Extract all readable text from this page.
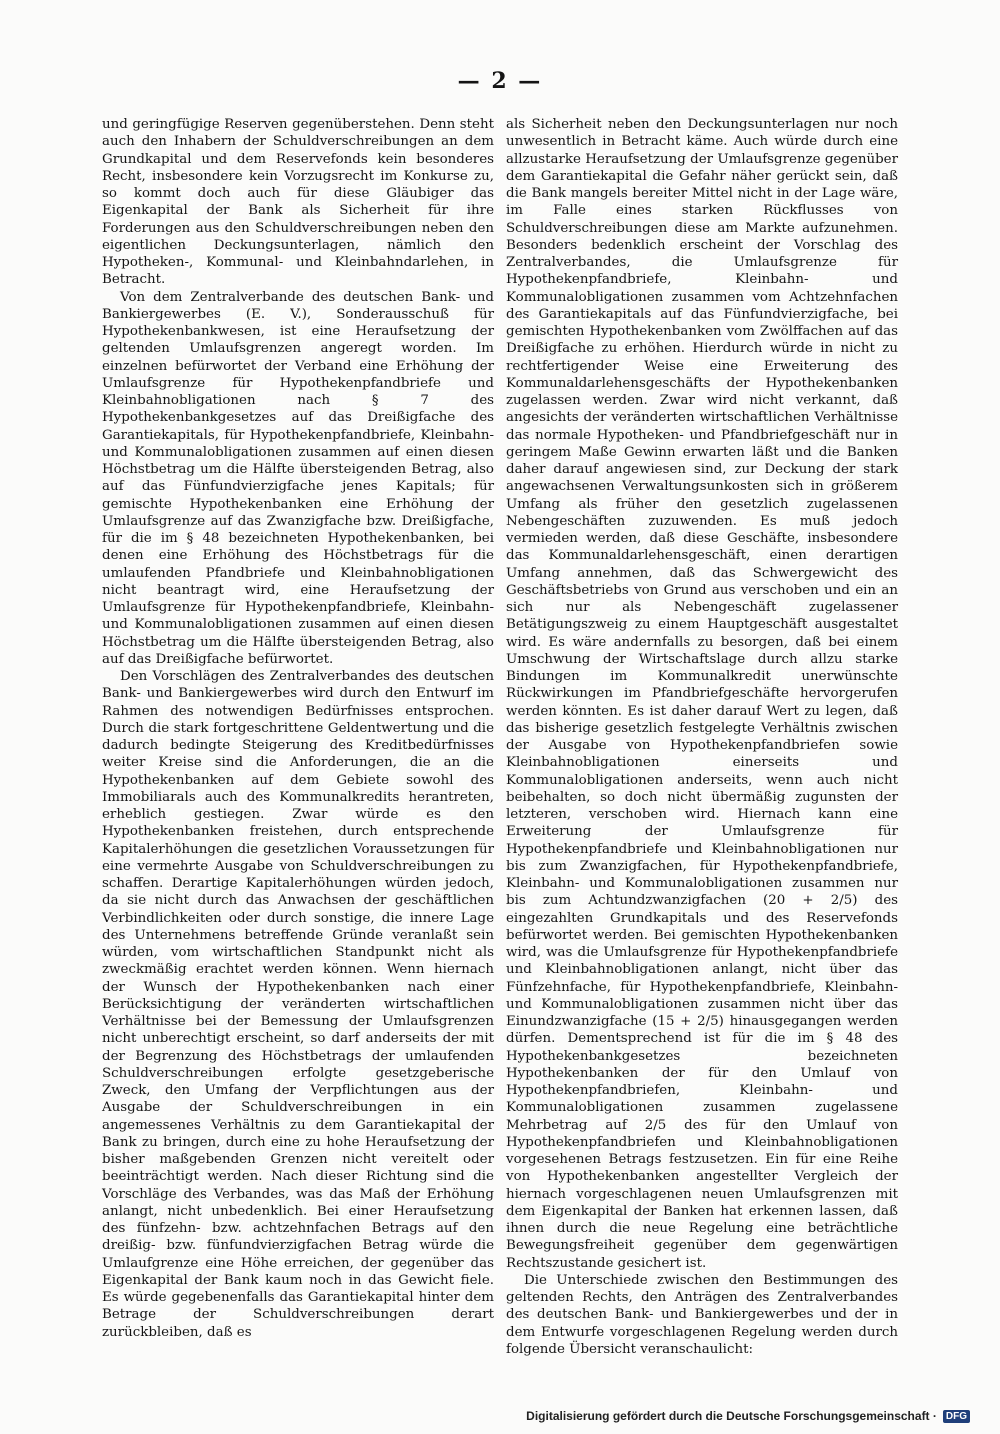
— 2 —

und geringfügige Reserven gegenüberstehen. Denn steht auch den Inhabern der Schuldverschreibungen an dem Grundkapital und dem Reservefonds kein besonderes Recht, insbesondere kein Vorzugsrecht im Konkurse zu, so kommt doch auch für diese Gläubiger das Eigenkapital der Bank als Sicherheit für ihre Forderungen aus den Schuldverschreibungen neben den eigentlichen Deckungsunterlagen, nämlich den Hypotheken-, Kommunal- und Kleinbahndarlehen, in Betracht.

Von dem Zentralverbande des deutschen Bank- und Bankiergewerbes (E. V.), Sonderausschuß für Hypothekenbankwesen, ist eine Heraufsetzung der geltenden Umlaufsgrenzen angeregt worden. Im einzelnen befürwortet der Verband eine Erhöhung der Umlaufsgrenze für Hypothekenpfandbriefe und Kleinbahnobligationen nach § 7 des Hypothekenbankgesetzes auf das Dreißigfache des Garantiekapitals, für Hypothekenpfandbriefe, Kleinbahn- und Kommunalobligationen zusammen auf einen diesen Höchstbetrag um die Hälfte übersteigenden Betrag, also auf das Fünfundvierzigfache jenes Kapitals; für gemischte Hypothekenbanken eine Erhöhung der Umlaufsgrenze auf das Zwanzigfache bzw. Dreißigfache, für die im § 48 bezeichneten Hypothekenbanken, bei denen eine Erhöhung des Höchstbetrags für die umlaufenden Pfandbriefe und Kleinbahnobligationen nicht beantragt wird, eine Heraufsetzung der Umlaufsgrenze für Hypothekenpfandbriefe, Kleinbahn- und Kommunalobligationen zusammen auf einen diesen Höchstbetrag um die Hälfte übersteigenden Betrag, also auf das Dreißigfache befürwortet.

Den Vorschlägen des Zentralverbandes des deutschen Bank- und Bankiergewerbes wird durch den Entwurf im Rahmen des notwendigen Bedürfnisses entsprochen. Durch die stark fortgeschrittene Geldentwertung und die dadurch bedingte Steigerung des Kreditbedürfnisses weiter Kreise sind die Anforderungen, die an die Hypothekenbanken auf dem Gebiete sowohl des Immobiliarals auch des Kommunalkredits herantreten, erheblich gestiegen. Zwar würde es den Hypothekenbanken freistehen, durch entsprechende Kapitalerhöhungen die gesetzlichen Voraussetzungen für eine vermehrte Ausgabe von Schuldverschreibungen zu schaffen. Derartige Kapitalerhöhungen würden jedoch, da sie nicht durch das Anwachsen der geschäftlichen Verbindlichkeiten oder durch sonstige, die innere Lage des Unternehmens betreffende Gründe veranlaßt sein würden, vom wirtschaftlichen Standpunkt nicht als zweckmäßig erachtet werden können. Wenn hiernach der Wunsch der Hypothekenbanken nach einer Berücksichtigung der veränderten wirtschaftlichen Verhältnisse bei der Bemessung der Umlaufsgrenzen nicht unberechtigt erscheint, so darf anderseits der mit der Begrenzung des Höchstbetrags der umlaufenden Schuldverschreibungen erfolgte gesetzgeberische Zweck, den Umfang der Verpflichtungen aus der Ausgabe der Schuldverschreibungen in ein angemessenes Verhältnis zu dem Garantiekapital der Bank zu bringen, durch eine zu hohe Heraufsetzung der bisher maßgebenden Grenzen nicht vereitelt oder beeinträchtigt werden. Nach dieser Richtung sind die Vorschläge des Verbandes, was das Maß der Erhöhung anlangt, nicht unbedenklich. Bei einer Heraufsetzung des fünfzehn- bzw. achtzehnfachen Betrags auf den dreißig- bzw. fünfundvierzigfachen Betrag würde die Umlaufgrenze eine Höhe erreichen, der gegenüber das Eigenkapital der Bank kaum noch in das Gewicht fiele. Es würde gegebenenfalls das Garantiekapital hinter dem Betrage der Schuldverschreibungen derart zurückbleiben, daß es

als Sicherheit neben den Deckungsunterlagen nur noch unwesentlich in Betracht käme. Auch würde durch eine allzustarke Heraufsetzung der Umlaufsgrenze gegenüber dem Garantiekapital die Gefahr näher gerückt sein, daß die Bank mangels bereiter Mittel nicht in der Lage wäre, im Falle eines starken Rückflusses von Schuldverschreibungen diese am Markte aufzunehmen. Besonders bedenklich erscheint der Vorschlag des Zentralverbandes, die Umlaufsgrenze für Hypothekenpfandbriefe, Kleinbahn- und Kommunalobligationen zusammen vom Achtzehnfachen des Garantiekapitals auf das Fünfundvierzigfache, bei gemischten Hypothekenbanken vom Zwölffachen auf das Dreißigfache zu erhöhen. Hierdurch würde in nicht zu rechtfertigender Weise eine Erweiterung des Kommunaldarlehensgeschäfts der Hypothekenbanken zugelassen werden. Zwar wird nicht verkannt, daß angesichts der veränderten wirtschaftlichen Verhältnisse das normale Hypotheken- und Pfandbriefgeschäft nur in geringem Maße Gewinn erwarten läßt und die Banken daher darauf angewiesen sind, zur Deckung der stark angewachsenen Verwaltungsunkosten sich in größerem Umfang als früher den gesetzlich zugelassenen Nebengeschäften zuzuwenden. Es muß jedoch vermieden werden, daß diese Geschäfte, insbesondere das Kommunaldarlehensgeschäft, einen derartigen Umfang annehmen, daß das Schwergewicht des Geschäftsbetriebs von Grund aus verschoben und ein an sich nur als Nebengeschäft zugelassener Betätigungszweig zu einem Hauptgeschäft ausgestaltet wird. Es wäre andernfalls zu besorgen, daß bei einem Umschwung der Wirtschaftslage durch allzu starke Bindungen im Kommunalkredit unerwünschte Rückwirkungen im Pfandbriefgeschäfte hervorgerufen werden könnten. Es ist daher darauf Wert zu legen, daß das bisherige gesetzlich festgelegte Verhältnis zwischen der Ausgabe von Hypothekenpfandbriefen sowie Kleinbahnobligationen einerseits und Kommunalobligationen anderseits, wenn auch nicht beibehalten, so doch nicht übermäßig zugunsten der letzteren, verschoben wird. Hiernach kann eine Erweiterung der Umlaufsgrenze für Hypothekenpfandbriefe und Kleinbahnobligationen nur bis zum Zwanzigfachen, für Hypothekenpfandbriefe, Kleinbahn- und Kommunalobligationen zusammen nur bis zum Achtundzwanzigfachen (20 + 2/5) des eingezahlten Grundkapitals und des Reservefonds befürwortet werden. Bei gemischten Hypothekenbanken wird, was die Umlaufsgrenze für Hypothekenpfandbriefe und Kleinbahnobligationen anlangt, nicht über das Fünfzehnfache, für Hypothekenpfandbriefe, Kleinbahn- und Kommunalobligationen zusammen nicht über das Einundzwanzigfache (15 + 2/5) hinausgegangen werden dürfen. Dementsprechend ist für die im § 48 des Hypothekenbankgesetzes bezeichneten Hypothekenbanken der für den Umlauf von Hypothekenpfandbriefen, Kleinbahn- und Kommunalobligationen zusammen zugelassene Mehrbetrag auf 2/5 des für den Umlauf von Hypothekenpfandbriefen und Kleinbahnobligationen vorgesehenen Betrags festzusetzen. Ein für eine Reihe von Hypothekenbanken angestellter Vergleich der hiernach vorgeschlagenen neuen Umlaufsgrenzen mit dem Eigenkapital der Banken hat erkennen lassen, daß ihnen durch die neue Regelung eine beträchtliche Bewegungsfreiheit gegenüber dem gegenwärtigen Rechtszustande gesichert ist.

Die Unterschiede zwischen den Bestimmungen des geltenden Rechts, den Anträgen des Zentralverbandes des deutschen Bank- und Bankiergewerbes und der in dem Entwurfe vorgeschlagenen Regelung werden durch folgende Übersicht veranschaulicht:

Digitalisierung gefördert durch die Deutsche Forschungsgemeinschaft · DFG
